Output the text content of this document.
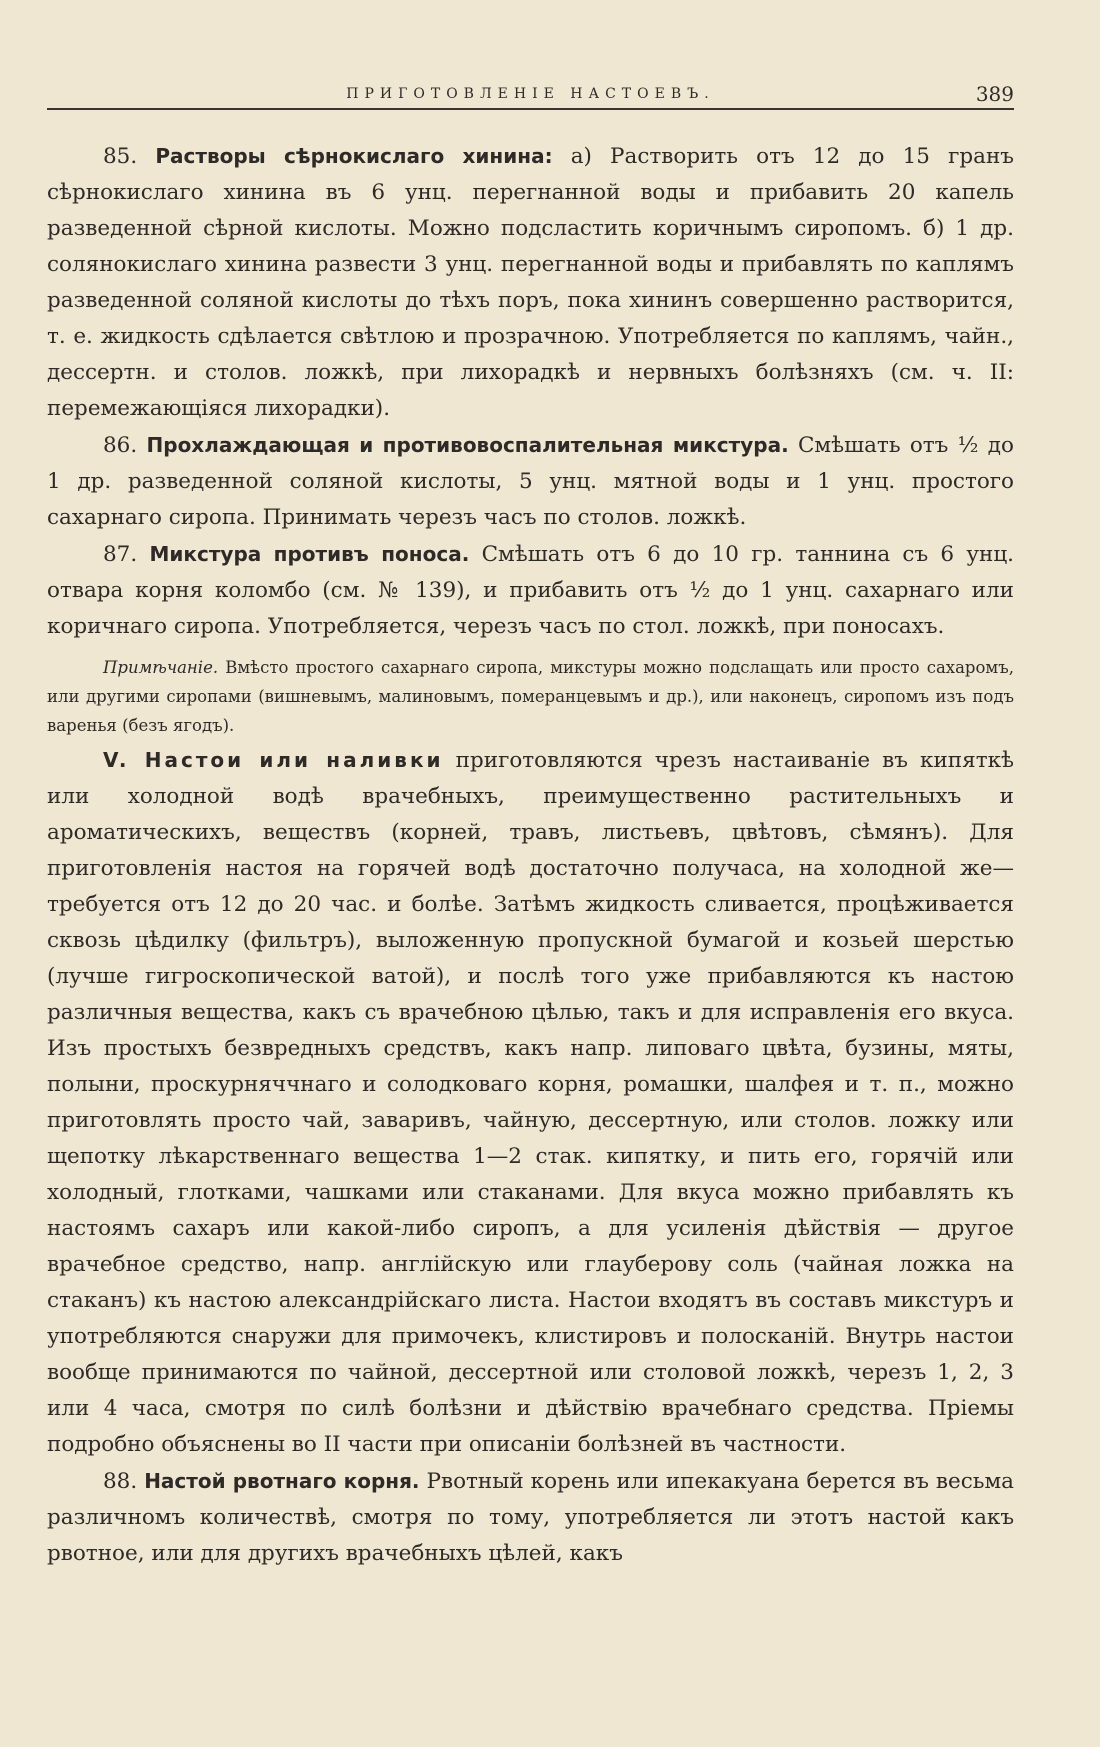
ПРИГОТОВЛЕНІЕ НАСТОЕВЪ.	389

85. Растворы сѣрнокислаго хинина: а) Растворить отъ 12 до 15 гранъ сѣрнокислаго хинина въ 6 унц. перегнанной воды и прибавить 20 капель разведенной сѣрной кислоты. Можно подсластить коричнымъ сиропомъ. б) 1 др. солянокислаго хинина развести 3 унц. перегнанной воды и прибавлять по каплямъ разведенной соляной кислоты до тѣхъ поръ, пока хининъ совершенно растворится, т. е. жидкость сдѣлается свѣтлою и прозрачною. Употребляется по каплямъ, чайн., дессертн. и столов. ложкѣ, при лихорадкѣ и нервныхъ болѣзняхъ (см. ч. II: перемежающіяся лихорадки).

86. Прохлаждающая и противовоспалительная микстура. Смѣшать отъ ½ до 1 др. разведенной соляной кислоты, 5 унц. мятной воды и 1 унц. простого сахарнаго сиропа. Принимать черезъ часъ по столов. ложкѣ.

87. Микстура противъ поноса. Смѣшать отъ 6 до 10 гр. таннина съ 6 унц. отвара корня коломбо (см. № 139), и прибавить отъ ½ до 1 унц. сахарнаго или коричнаго сиропа. Употребляется, черезъ часъ по стол. ложкѣ, при поносахъ.

Примѣчаніе. Вмѣсто простого сахарнаго сиропа, микстуры можно подслащать или просто сахаромъ, или другими сиропами (вишневымъ, малиновымъ, померанцевымъ и др.), или наконецъ, сиропомъ изъ подъ варенья (безъ ягодъ).

V. Настои или наливки приготовляются чрезъ настаиваніе въ кипяткѣ или холодной водѣ врачебныхъ, преимущественно растительныхъ и ароматическихъ, веществъ (корней, травъ, листьевъ, цвѣтовъ, сѣмянъ). Для приготовленія настоя на горячей водѣ достаточно получаса, на холодной же—требуется отъ 12 до 20 час. и болѣе. Затѣмъ жидкость сливается, процѣживается сквозь цѣдилку (фильтръ), выложенную пропускной бумагой и козьей шерстью (лучше гигроскопической ватой), и послѣ того уже прибавляются къ настою различныя вещества, какъ съ врачебною цѣлью, такъ и для исправленія его вкуса. Изъ простыхъ безвредныхъ средствъ, какъ напр. липоваго цвѣта, бузины, мяты, полыни, проскурняччнаго и солодковаго корня, ромашки, шалфея и т. п., можно приготовлять просто чай, заваривъ, чайную, дессертную, или столов. ложку или щепотку лѣкарственнаго вещества 1—2 стак. кипятку, и пить его, горячій или холодный, глотками, чашками или стаканами. Для вкуса можно прибавлять къ настоямъ сахаръ или какой-либо сиропъ, а для усиленія дѣйствія — другое врачебное средство, напр. англійскую или глауберову соль (чайная ложка на стаканъ) къ настою александрійскаго листа. Настои входятъ въ составъ микстуръ и употребляются снаружи для примочекъ, клистировъ и полосканій. Внутрь настои вообще принимаются по чайной, дессертной или столовой ложкѣ, черезъ 1, 2, 3 или 4 часа, смотря по силѣ болѣзни и дѣйствію врачебнаго средства. Пріемы подробно объяснены во II части при описаніи болѣзней въ частности.

88. Настой рвотнаго корня. Рвотный корень или ипекакуана берется въ весьма различномъ количествѣ, смотря по тому, употребляется ли этотъ настой какъ рвотное, или для другихъ врачебныхъ цѣлей, какъ
